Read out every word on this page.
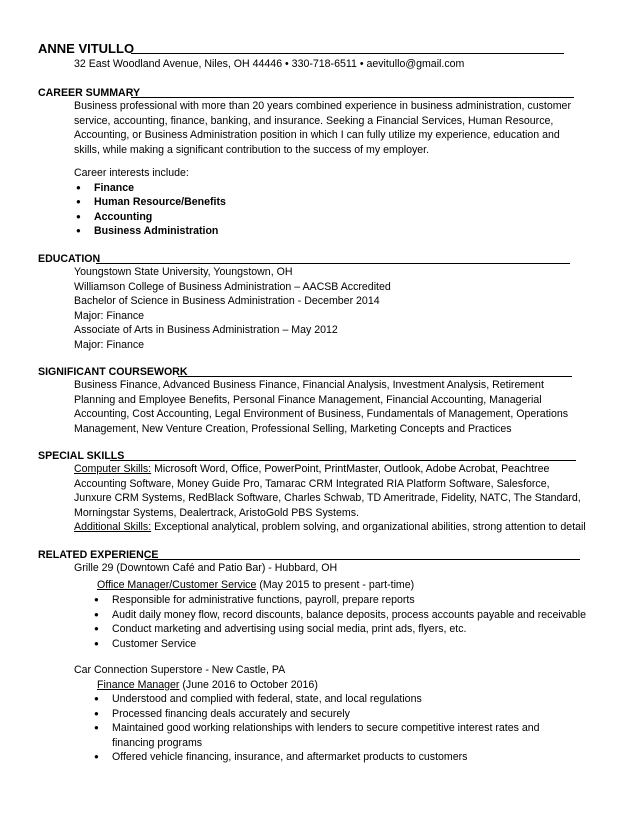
ANNE VITULLO
32 East Woodland Avenue, Niles, OH 44446 • 330-718-6511 • aevitullo@gmail.com
CAREER SUMMARY

Business professional with more than 20 years combined experience in business administration, customer

service, accounting, finance, banking, and insurance. Seeking a Financial Services, Human Resource,

Accounting, or Business Administration position in which I can fully utilize my experience, education and

skills, while making a significant contribution to the success of my employer.

Career interests include:

● Finance
● Human Resource/Benefits
● Accounting
● Business Administration
EDUCATION

Youngstown State University, Youngstown, OH

Williamson College of Business Administration – AACSB Accredited

Bachelor of Science in Business Administration - December 2014

Major: Finance

Associate of Arts in Business Administration – May 2012

Major: Finance

SIGNIFICANT COURSEWORK

Business Finance, Advanced Business Finance, Financial Analysis, Investment Analysis, Retirement

Planning and Employee Benefits, Personal Finance Management, Financial Accounting, Managerial

Accounting, Cost Accounting, Legal Environment of Business, Fundamentals of Management, Operations

Management, New Venture Creation, Professional Selling, Marketing Concepts and Practices

SPECIAL SKILLS

Computer Skills: Microsoft Word, Office, PowerPoint, PrintMaster, Outlook, Adobe Acrobat, Peachtree

Accounting Software, Money Guide Pro, Tamarac CRM Integrated RIA Platform Software, Salesforce,

Junxure CRM Systems, RedBlack Software, Charles Schwab, TD Ameritrade, Fidelity, NATC, The Standard,

Morningstar Systems, Dealertrack, AristoGold PBS Systems.

Additional Skills: Exceptional analytical, problem solving, and organizational abilities, strong attention to detail

RELATED EXPERIENCE
Grille 29 (Downtown Café and Patio Bar) - Hubbard, OH
Office Manager/Customer Service (May 2015 to present - part-time)
● Responsible for administrative functions, payroll, prepare reports
● Audit daily money flow, record discounts, balance deposits, process accounts payable and receivable
● Conduct marketing and advertising using social media, print ads, flyers, etc.
● Customer Service
Car Connection Superstore - New Castle, PA
Finance Manager (June 2016 to October 2016)
● Understood and complied with federal, state, and local regulations
● Processed financing deals accurately and securely
● Maintained good working relationships with lenders to secure competitive interest rates and financing programs
● Offered vehicle financing, insurance, and aftermarket products to customers
